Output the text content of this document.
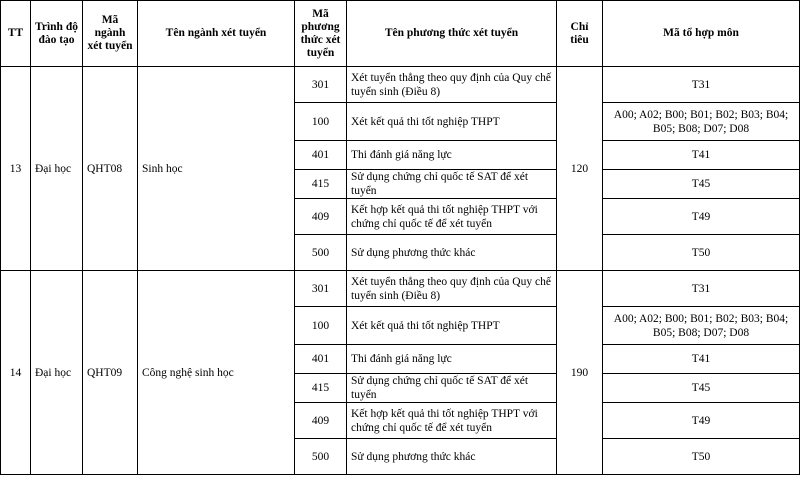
TT	Trình độ đào tạo	Mã ngành xét tuyển	Tên ngành xét tuyển	Mã phương thức xét tuyển	Tên phương thức xét tuyển	Chỉ tiêu	Mã tổ hợp môn
13	Đại học	QHT08	Sinh học	301	Xét tuyển thẳng theo quy định của Quy chế tuyển sinh (Điều 8)	120	T31
				100	Xét kết quả thi tốt nghiệp THPT		A00; A02; B00; B01; B02; B03; B04; B05; B08; D07; D08
				401	Thi đánh giá năng lực		T41
				415	Sử dụng chứng chỉ quốc tế SAT để xét tuyển		T45
				409	Kết hợp kết quả thi tốt nghiệp THPT với chứng chỉ quốc tế để xét tuyển		T49
				500	Sử dụng phương thức khác		T50
14	Đại học	QHT09	Công nghệ sinh học	301	Xét tuyển thẳng theo quy định của Quy chế tuyển sinh (Điều 8)	190	T31
				100	Xét kết quả thi tốt nghiệp THPT		A00; A02; B00; B01; B02; B03; B04; B05; B08; D07; D08
				401	Thi đánh giá năng lực		T41
				415	Sử dụng chứng chỉ quốc tế SAT để xét tuyển		T45
				409	Kết hợp kết quả thi tốt nghiệp THPT với chứng chỉ quốc tế để xét tuyển		T49
				500	Sử dụng phương thức khác		T50
